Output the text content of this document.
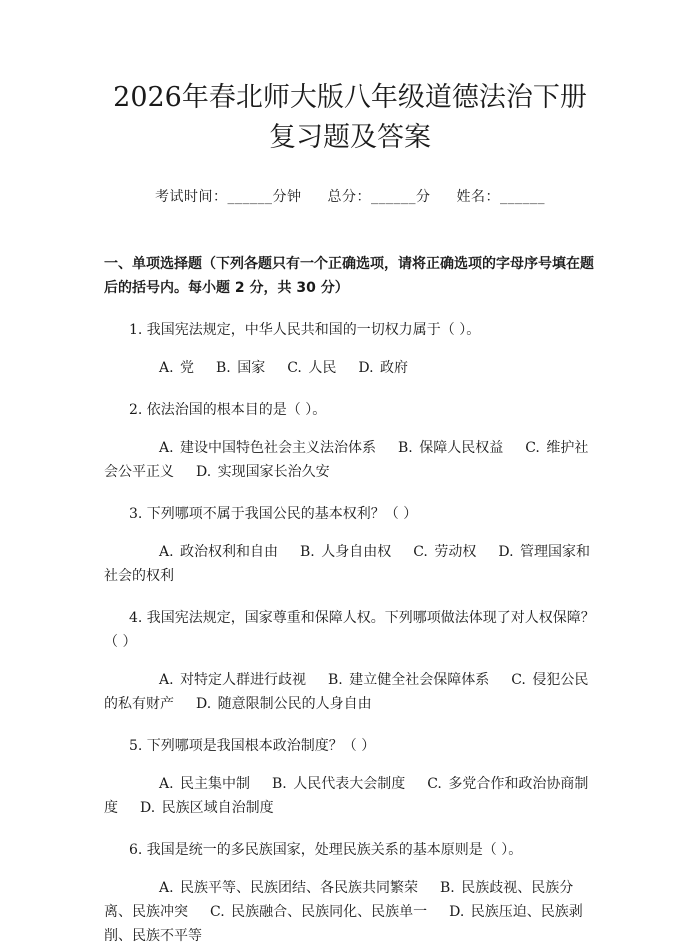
2026年春北师大版八年级道德法治下册复习题及答案
考试时间：______分钟 总分：______分 姓名：______
一、单项选择题（下列各题只有一个正确选项，请将正确选项的字母序号填在题后的括号内。每小题 2 分，共 30 分）
1. 我国宪法规定，中华人民共和国的一切权力属于（ ）。
A. 党 B. 国家 C. 人民 D. 政府
2. 依法治国的根本目的是（ ）。
A. 建设中国特色社会主义法治体系 B. 保障人民权益 C. 维护社会公平正义 D. 实现国家长治久安
3. 下列哪项不属于我国公民的基本权利？（ ）
A. 政治权利和自由 B. 人身自由权 C. 劳动权 D. 管理国家和社会的权利
4. 我国宪法规定，国家尊重和保障人权。下列哪项做法体现了对人权保障？（ ）
A. 对特定人群进行歧视 B. 建立健全社会保障体系 C. 侵犯公民的私有财产 D. 随意限制公民的人身自由
5. 下列哪项是我国根本政治制度？（ ）
A. 民主集中制 B. 人民代表大会制度 C. 多党合作和政治协商制度 D. 民族区域自治制度
6. 我国是统一的多民族国家，处理民族关系的基本原则是（ ）。
A. 民族平等、民族团结、各民族共同繁荣 B. 民族歧视、民族分离、民族冲突 C. 民族融合、民族同化、民族单一 D. 民族压迫、民族剥削、民族不平等
